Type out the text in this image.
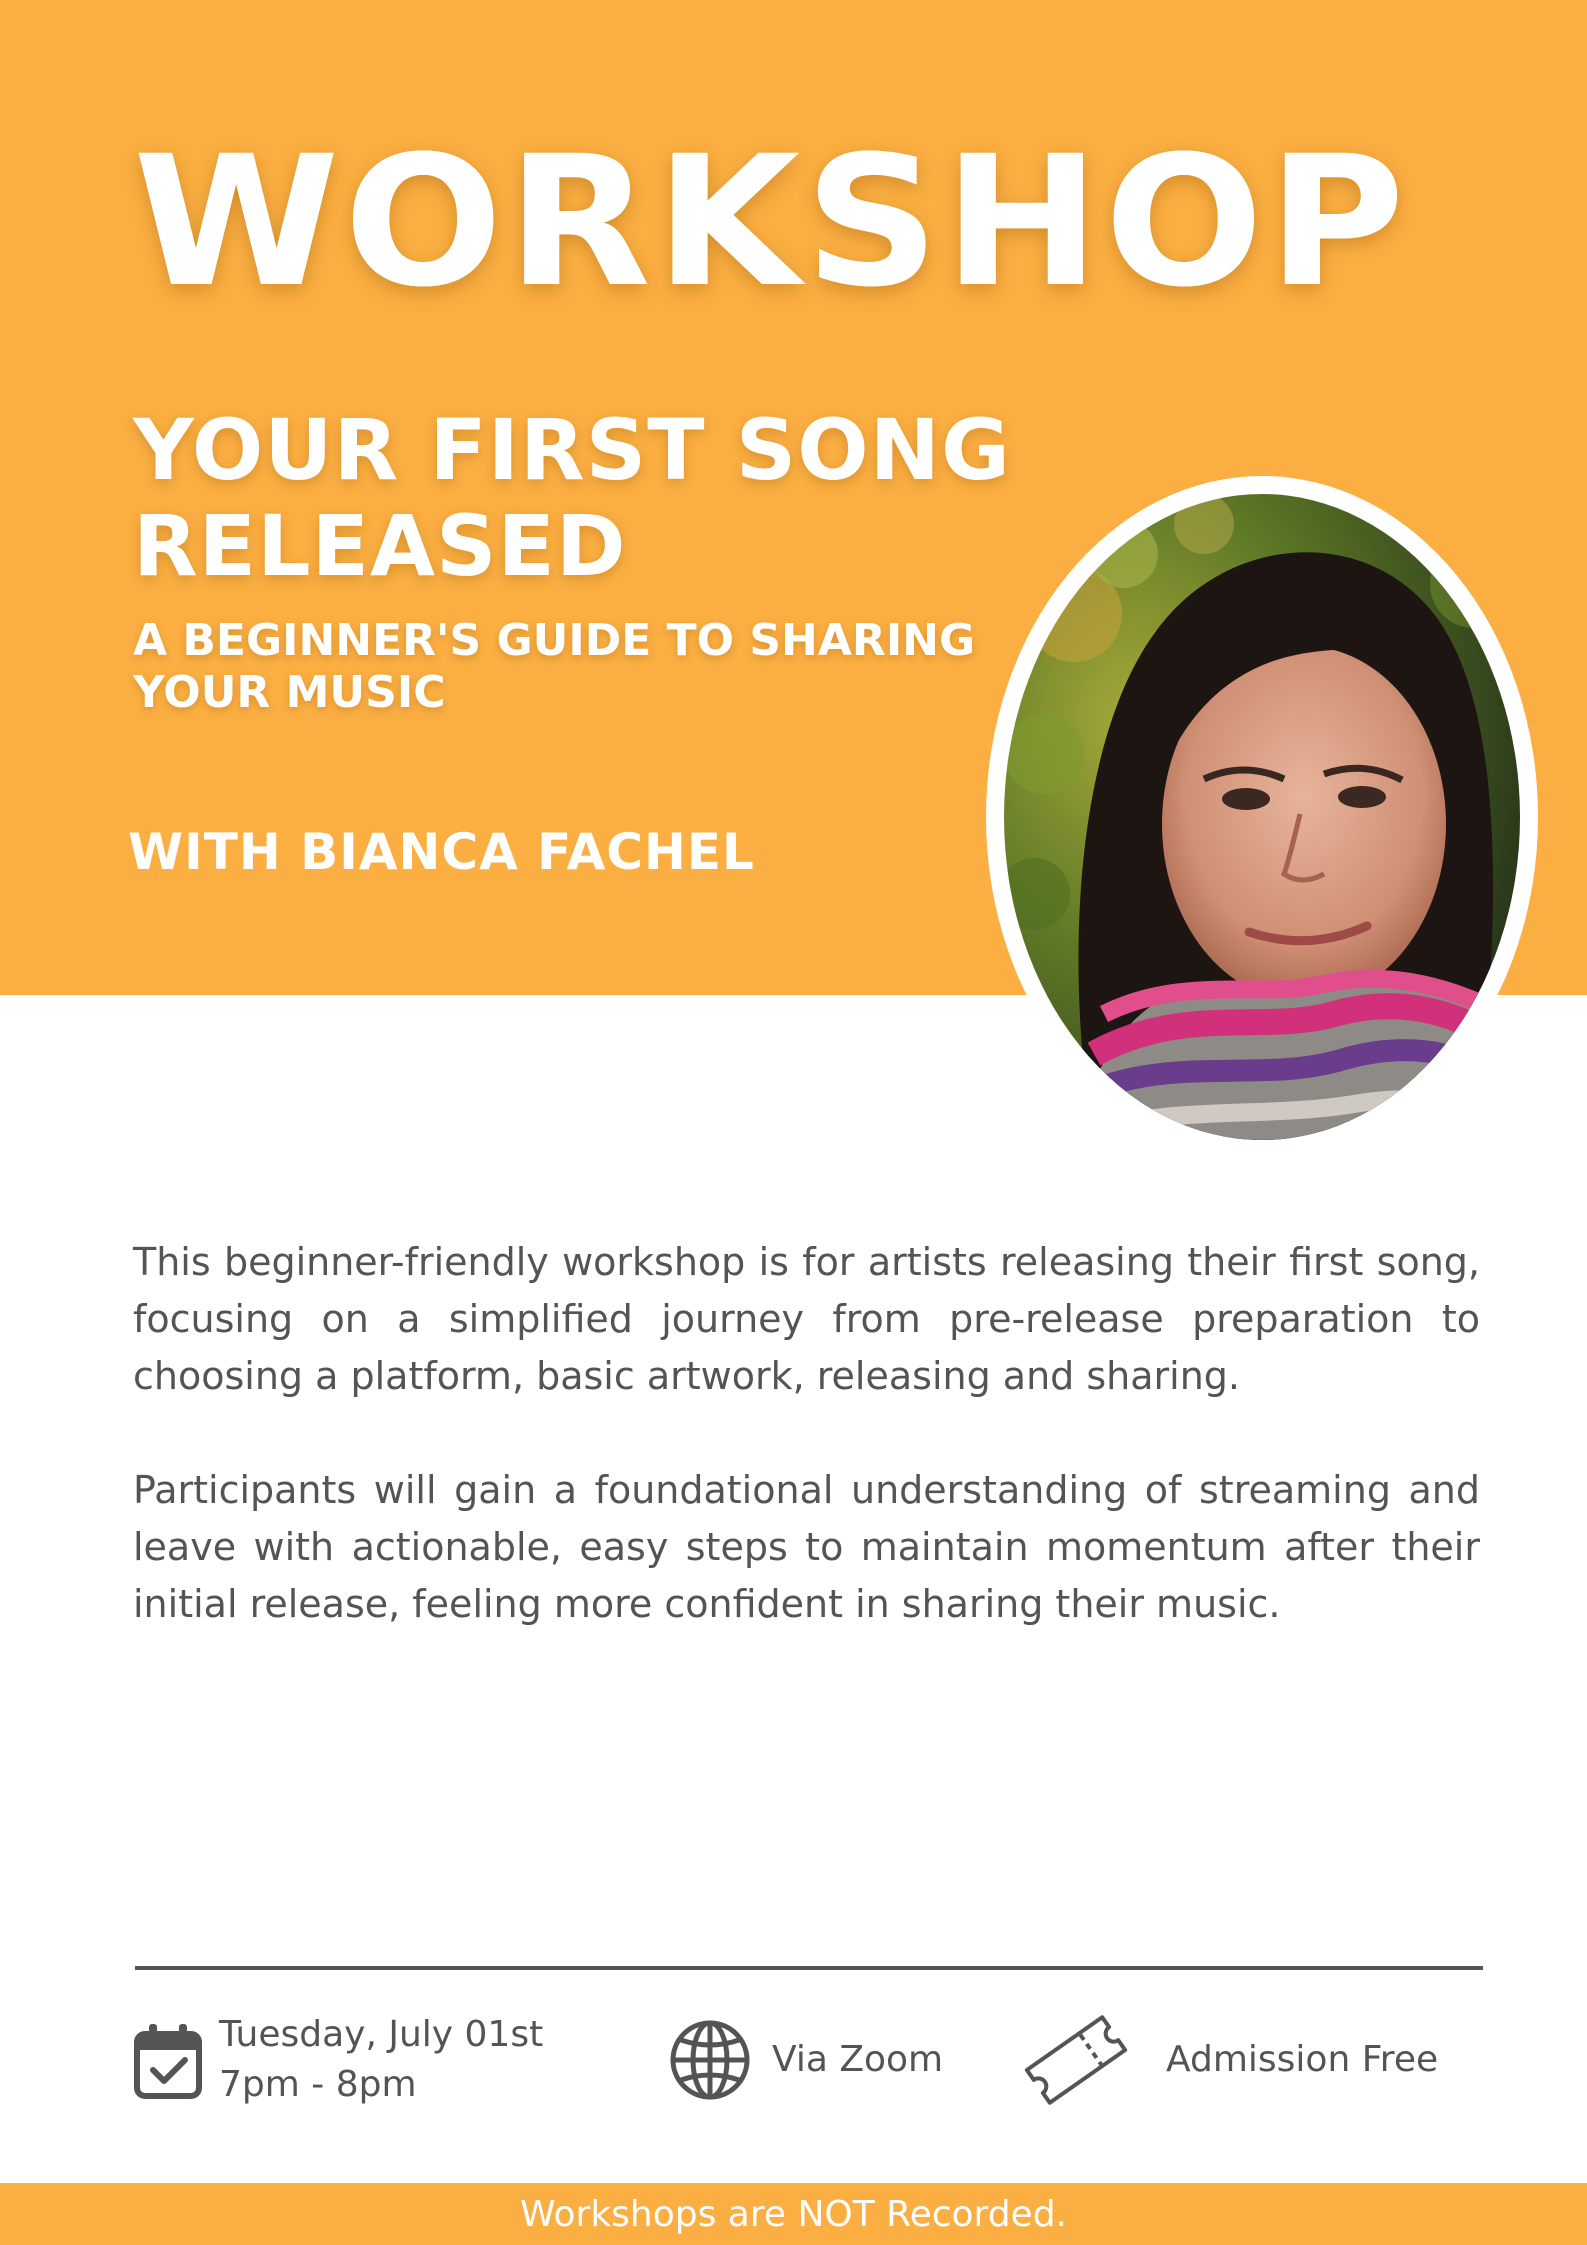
WORKSHOP
YOUR FIRST SONG RELEASED
A BEGINNER'S GUIDE TO SHARING YOUR MUSIC
WITH BIANCA FACHEL

This beginner-friendly workshop is for artists releasing their first song, focusing on a simplified journey from pre-release preparation to choosing a platform, basic artwork, releasing and sharing.

Participants will gain a foundational understanding of streaming and leave with actionable, easy steps to maintain momentum after their initial release, feeling more confident in sharing their music.

Tuesday, July 01st
7pm - 8pm
Via Zoom	Admission Free
Workshops are NOT Recorded.
